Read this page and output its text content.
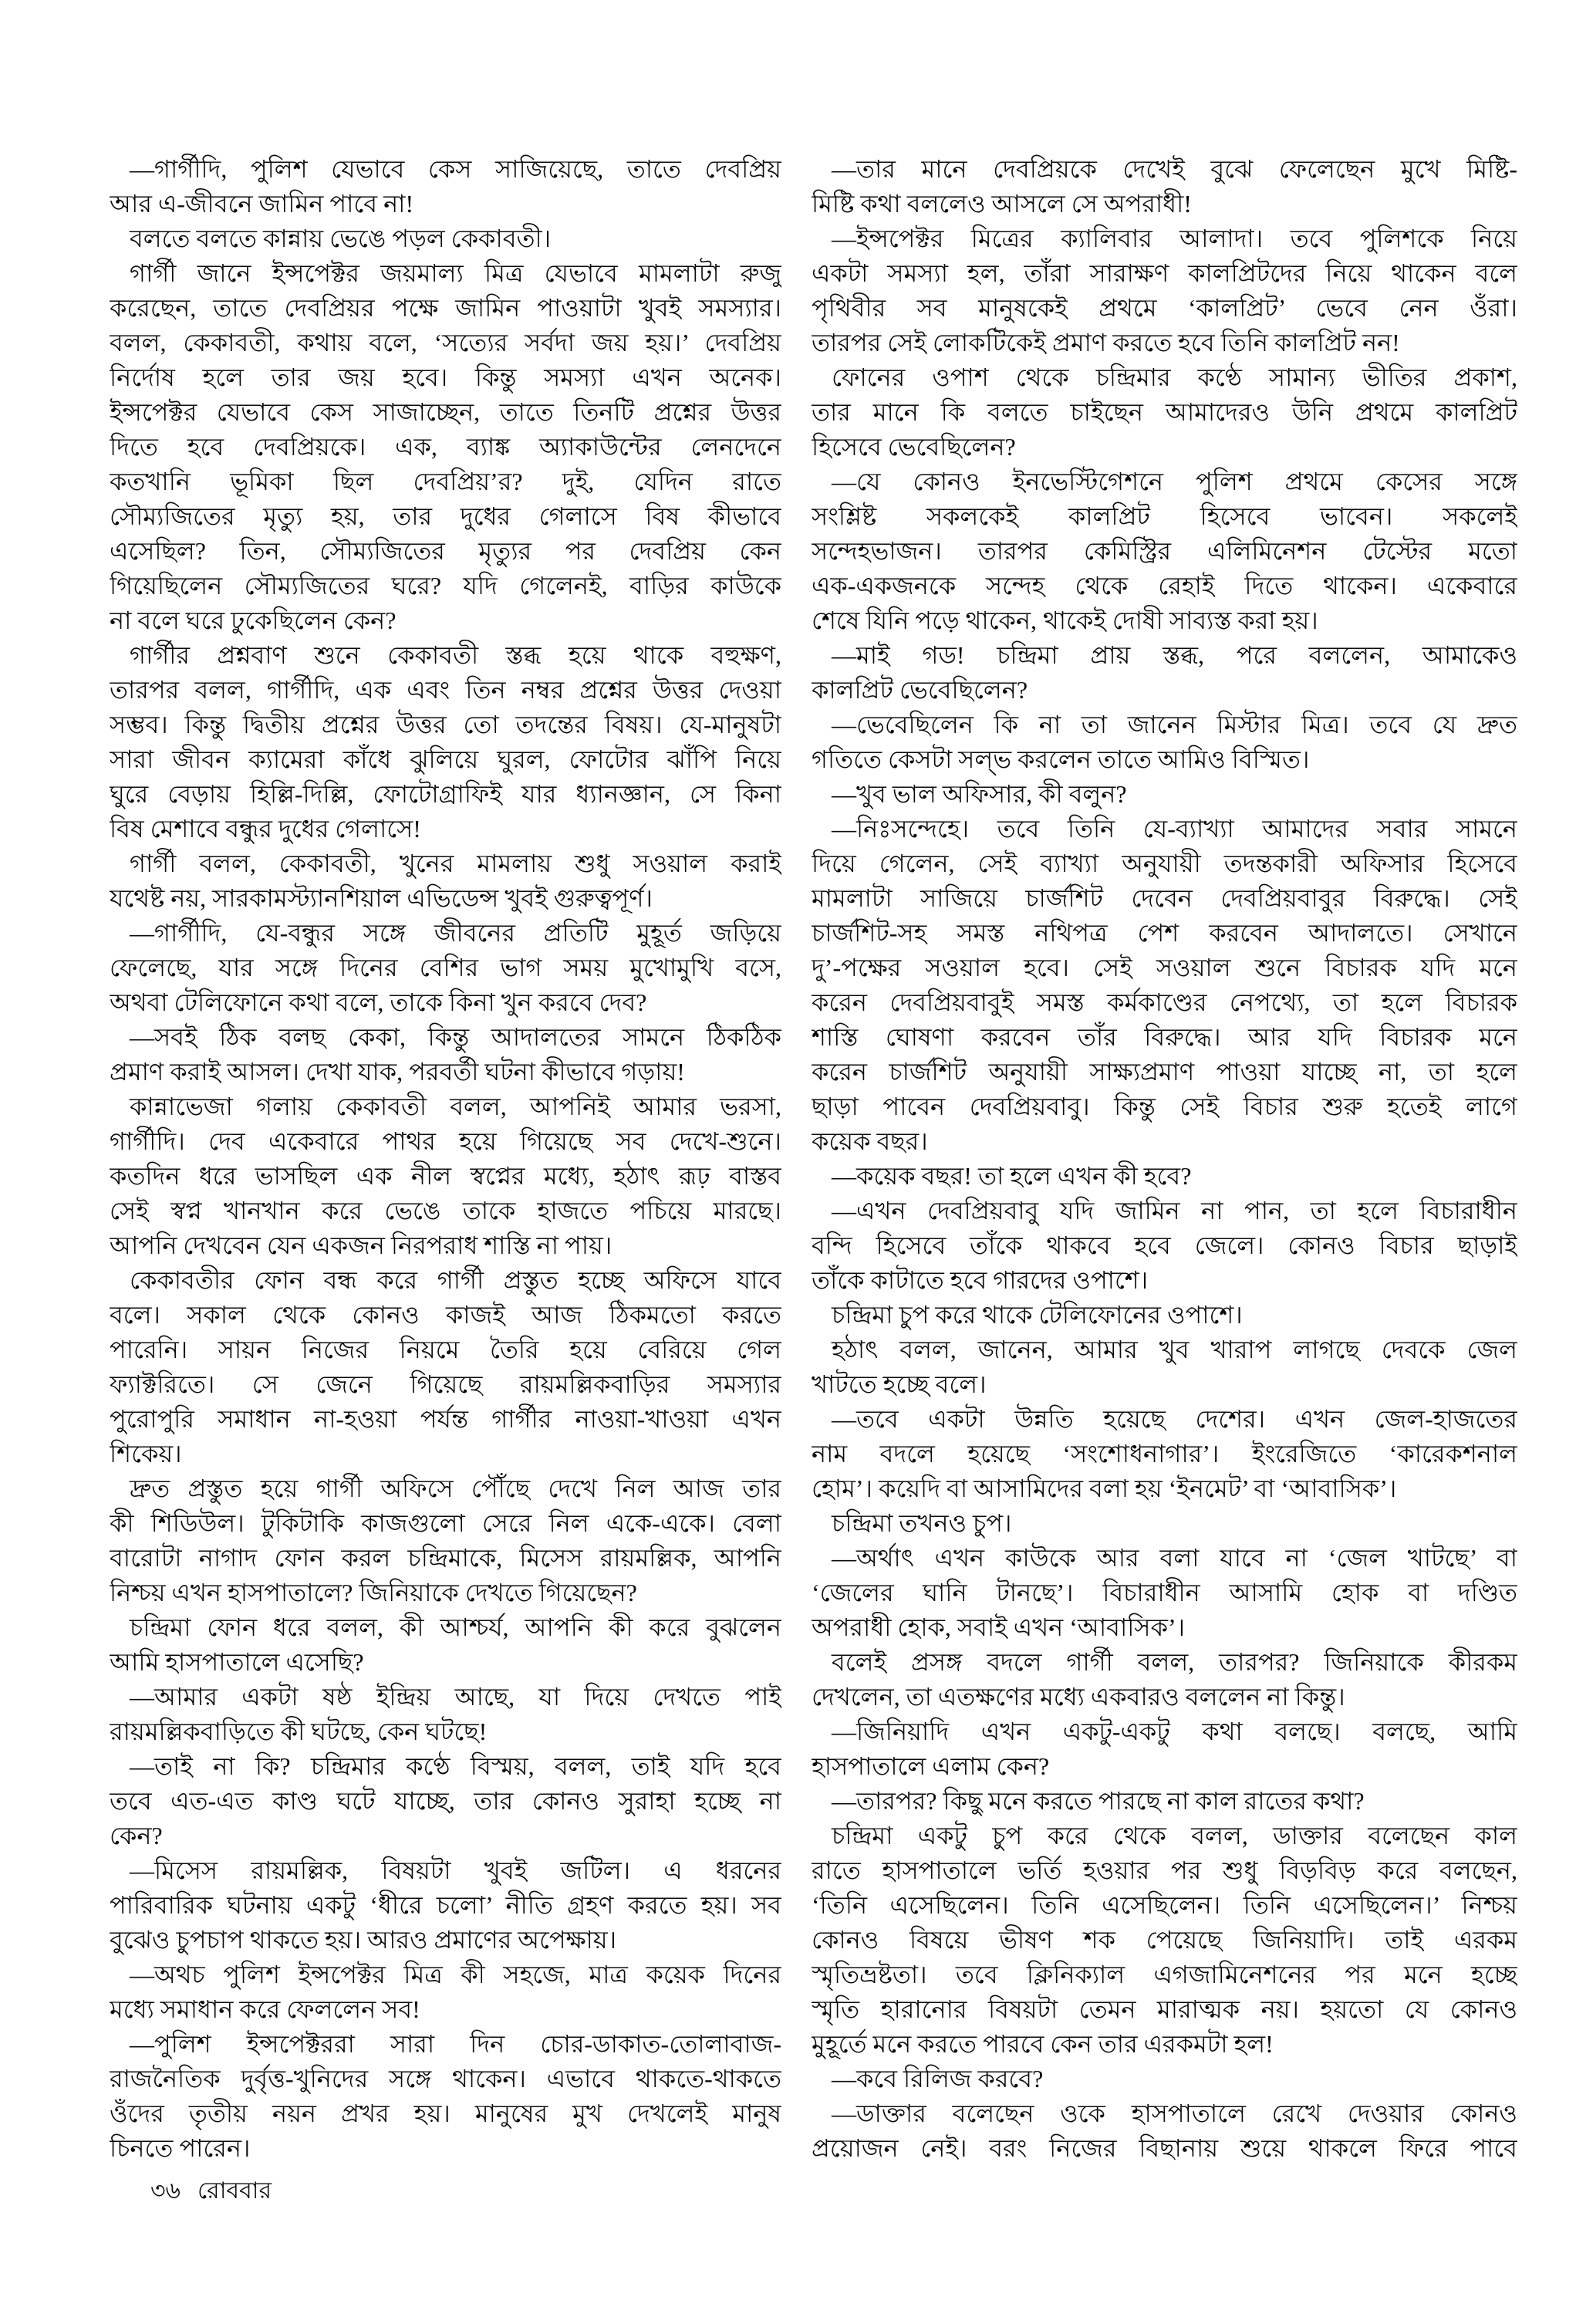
—গার্গীদি, পুলিশ যেভাবে কেস সাজিয়েছে, তাতে দেবপ্রিয়
আর এ-জীবনে জামিন পাবে না!
বলতে বলতে কান্নায় ভেঙে পড়ল কেকাবতী।
গার্গী জানে ইন্সপেক্টর জয়মাল্য মিত্র যেভাবে মামলাটা রুজু
করেছেন, তাতে দেবপ্রিয়র পক্ষে জামিন পাওয়াটা খুবই সমস্যার।
বলল, কেকাবতী, কথায় বলে, ‘সত্যের সর্বদা জয় হয়।’ দেবপ্রিয়
নির্দোষ হলে তার জয় হবে। কিন্তু সমস্যা এখন অনেক।
ইন্সপেক্টর যেভাবে কেস সাজাচ্ছেন, তাতে তিনটি প্রশ্নের উত্তর
দিতে হবে দেবপ্রিয়কে। এক, ব্যাঙ্ক অ্যাকাউন্টের লেনদেনে
কতখানি ভূমিকা ছিল দেবপ্রিয়’র? দুই, যেদিন রাতে
সৌম্যজিতের মৃত্যু হয়, তার দুধের গেলাসে বিষ কীভাবে
এসেছিল? তিন, সৌম্যজিতের মৃত্যুর পর দেবপ্রিয় কেন
গিয়েছিলেন সৌম্যজিতের ঘরে? যদি গেলেনই, বাড়ির কাউকে
না বলে ঘরে ঢুকেছিলেন কেন?
গার্গীর প্রশ্নবাণ শুনে কেকাবতী স্তব্ধ হয়ে থাকে বহুক্ষণ,
তারপর বলল, গার্গীদি, এক এবং তিন নম্বর প্রশ্নের উত্তর দেওয়া
সম্ভব। কিন্তু দ্বিতীয় প্রশ্নের উত্তর তো তদন্তের বিষয়। যে-মানুষটা
সারা জীবন ক্যামেরা কাঁধে ঝুলিয়ে ঘুরল, ফোটোর ঝাঁপি নিয়ে
ঘুরে বেড়ায় হিল্লি-দিল্লি, ফোটোগ্রাফিই যার ধ্যানজ্ঞান, সে কিনা
বিষ মেশাবে বন্ধুর দুধের গেলাসে!
গার্গী বলল, কেকাবতী, খুনের মামলায় শুধু সওয়াল করাই
যথেষ্ট নয়, সারকামস্ট্যানশিয়াল এভিডেন্স খুবই গুরুত্বপূর্ণ।
—গার্গীদি, যে-বন্ধুর সঙ্গে জীবনের প্রতিটি মুহূর্ত জড়িয়ে
ফেলেছে, যার সঙ্গে দিনের বেশির ভাগ সময় মুখোমুখি বসে,
অথবা টেলিফোনে কথা বলে, তাকে কিনা খুন করবে দেব?
—সবই ঠিক বলছ কেকা, কিন্তু আদালতের সামনে ঠিকঠিক
প্রমাণ করাই আসল। দেখা যাক, পরবর্তী ঘটনা কীভাবে গড়ায়!
কান্নাভেজা গলায় কেকাবতী বলল, আপনিই আমার ভরসা,
গার্গীদি। দেব একেবারে পাথর হয়ে গিয়েছে সব দেখে-শুনে।
কতদিন ধরে ভাসছিল এক নীল স্বপ্নের মধ্যে, হঠাৎ রূঢ় বাস্তব
সেই স্বপ্ন খানখান করে ভেঙে তাকে হাজতে পচিয়ে মারছে।
আপনি দেখবেন যেন একজন নিরপরাধ শাস্তি না পায়।
কেকাবতীর ফোন বন্ধ করে গার্গী প্রস্তুত হচ্ছে অফিসে যাবে
বলে। সকাল থেকে কোনও কাজই আজ ঠিকমতো করতে
পারেনি। সায়ন নিজের নিয়মে তৈরি হয়ে বেরিয়ে গেল
ফ্যাক্টরিতে। সে জেনে গিয়েছে রায়মল্লিকবাড়ির সমস্যার
পুরোপুরি সমাধান না-হওয়া পর্যন্ত গার্গীর নাওয়া-খাওয়া এখন
শিকেয়।
দ্রুত প্রস্তুত হয়ে গার্গী অফিসে পৌঁছে দেখে নিল আজ তার
কী শিডিউল। টুকিটাকি কাজগুলো সেরে নিল একে-একে। বেলা
বারোটা নাগাদ ফোন করল চন্দ্রিমাকে, মিসেস রায়মল্লিক, আপনি
নিশ্চয় এখন হাসপাতালে? জিনিয়াকে দেখতে গিয়েছেন?
চন্দ্রিমা ফোন ধরে বলল, কী আশ্চর্য, আপনি কী করে বুঝলেন
আমি হাসপাতালে এসেছি?
—আমার একটা ষষ্ঠ ইন্দ্রিয় আছে, যা দিয়ে দেখতে পাই
রায়মল্লিকবাড়িতে কী ঘটছে, কেন ঘটছে!
—তাই না কি? চন্দ্রিমার কণ্ঠে বিস্ময়, বলল, তাই যদি হবে
তবে এত-এত কাণ্ড ঘটে যাচ্ছে, তার কোনও সুরাহা হচ্ছে না
কেন?
—মিসেস রায়মল্লিক, বিষয়টা খুবই জটিল। এ ধরনের
পারিবারিক ঘটনায় একটু ‘ধীরে চলো’ নীতি গ্রহণ করতে হয়। সব
বুঝেও চুপচাপ থাকতে হয়। আরও প্রমাণের অপেক্ষায়।
—অথচ পুলিশ ইন্সপেক্টর মিত্র কী সহজে, মাত্র কয়েক দিনের
মধ্যে সমাধান করে ফেললেন সব!
—পুলিশ ইন্সপেক্টররা সারা দিন চোর-ডাকাত-তোলাবাজ-
রাজনৈতিক দুর্বৃত্ত-খুনিদের সঙ্গে থাকেন। এভাবে থাকতে-থাকতে
ওঁদের তৃতীয় নয়ন প্রখর হয়। মানুষের মুখ দেখলেই মানুষ
চিনতে পারেন।
—তার মানে দেবপ্রিয়কে দেখেই বুঝে ফেলেছেন মুখে মিষ্টি-
মিষ্টি কথা বললেও আসলে সে অপরাধী!
—ইন্সপেক্টর মিত্রের ক্যালিবার আলাদা। তবে পুলিশকে নিয়ে
একটা সমস্যা হল, তাঁরা সারাক্ষণ কালপ্রিটদের নিয়ে থাকেন বলে
পৃথিবীর সব মানুষকেই প্রথমে ‘কালপ্রিট’ ভেবে নেন ওঁরা।
তারপর সেই লোকটিকেই প্রমাণ করতে হবে তিনি কালপ্রিট নন!
ফোনের ওপাশ থেকে চন্দ্রিমার কণ্ঠে সামান্য ভীতির প্রকাশ,
তার মানে কি বলতে চাইছেন আমাদেরও উনি প্রথমে কালপ্রিট
হিসেবে ভেবেছিলেন?
—যে কোনও ইনভেস্টিগেশনে পুলিশ প্রথমে কেসের সঙ্গে
সংশ্লিষ্ট সকলকেই কালপ্রিট হিসেবে ভাবেন। সকলেই
সন্দেহভাজন। তারপর কেমিস্ট্রির এলিমিনেশন টেস্টের মতো
এক-একজনকে সন্দেহ থেকে রেহাই দিতে থাকেন। একেবারে
শেষে যিনি পড়ে থাকেন, থাকেই দোষী সাব্যস্ত করা হয়।
—মাই গড! চন্দ্রিমা প্রায় স্তব্ধ, পরে বললেন, আমাকেও
কালপ্রিট ভেবেছিলেন?
—ভেবেছিলেন কি না তা জানেন মিস্টার মিত্র। তবে যে দ্রুত
গতিতে কেসটা সল্‌ভ করলেন তাতে আমিও বিস্মিত।
—খুব ভাল অফিসার, কী বলুন?
—নিঃসন্দেহে। তবে তিনি যে-ব্যাখ্যা আমাদের সবার সামনে
দিয়ে গেলেন, সেই ব্যাখ্যা অনুযায়ী তদন্তকারী অফিসার হিসেবে
মামলাটা সাজিয়ে চার্জশিট দেবেন দেবপ্রিয়বাবুর বিরুদ্ধে। সেই
চার্জশিট-সহ সমস্ত নথিপত্র পেশ করবেন আদালতে। সেখানে
দু’-পক্ষের সওয়াল হবে। সেই সওয়াল শুনে বিচারক যদি মনে
করেন দেবপ্রিয়বাবুই সমস্ত কর্মকাণ্ডের নেপথ্যে, তা হলে বিচারক
শাস্তি ঘোষণা করবেন তাঁর বিরুদ্ধে। আর যদি বিচারক মনে
করেন চার্জশিট অনুযায়ী সাক্ষ্যপ্রমাণ পাওয়া যাচ্ছে না, তা হলে
ছাড়া পাবেন দেবপ্রিয়বাবু। কিন্তু সেই বিচার শুরু হতেই লাগে
কয়েক বছর।
—কয়েক বছর! তা হলে এখন কী হবে?
—এখন দেবপ্রিয়বাবু যদি জামিন না পান, তা হলে বিচারাধীন
বন্দি হিসেবে তাঁকে থাকবে হবে জেলে। কোনও বিচার ছাড়াই
তাঁকে কাটাতে হবে গারদের ওপাশে।
চন্দ্রিমা চুপ করে থাকে টেলিফোনের ওপাশে।
হঠাৎ বলল, জানেন, আমার খুব খারাপ লাগছে দেবকে জেল
খাটতে হচ্ছে বলে।
—তবে একটা উন্নতি হয়েছে দেশের। এখন জেল-হাজতের
নাম বদলে হয়েছে ‘সংশোধনাগার’। ইংরেজিতে ‘কারেকশনাল
হোম’। কয়েদি বা আসামিদের বলা হয় ‘ইনমেট’ বা ‘আবাসিক’।
চন্দ্রিমা তখনও চুপ।
—অর্থাৎ এখন কাউকে আর বলা যাবে না ‘জেল খাটছে’ বা
‘জেলের ঘানি টানছে’। বিচারাধীন আসামি হোক বা দণ্ডিত
অপরাধী হোক, সবাই এখন ‘আবাসিক’।
বলেই প্রসঙ্গ বদলে গার্গী বলল, তারপর? জিনিয়াকে কীরকম
দেখলেন, তা এতক্ষণের মধ্যে একবারও বললেন না কিন্তু।
—জিনিয়াদি এখন একটু-একটু কথা বলছে। বলছে, আমি
হাসপাতালে এলাম কেন?
—তারপর? কিছু মনে করতে পারছে না কাল রাতের কথা?
চন্দ্রিমা একটু চুপ করে থেকে বলল, ডাক্তার বলেছেন কাল
রাতে হাসপাতালে ভর্তি হওয়ার পর শুধু বিড়বিড় করে বলছেন,
‘তিনি এসেছিলেন। তিনি এসেছিলেন। তিনি এসেছিলেন।’ নিশ্চয়
কোনও বিষয়ে ভীষণ শক পেয়েছে জিনিয়াদি। তাই এরকম
স্মৃতিভ্রষ্টতা। তবে ক্লিনিক্যাল এগজামিনেশনের পর মনে হচ্ছে
স্মৃতি হারানোর বিষয়টা তেমন মারাত্মক নয়। হয়তো যে কোনও
মুহূর্তে মনে করতে পারবে কেন তার এরকমটা হল!
—কবে রিলিজ করবে?
—ডাক্তার বলেছেন ওকে হাসপাতালে রেখে দেওয়ার কোনও
প্রয়োজন নেই। বরং নিজের বিছানায় শুয়ে থাকলে ফিরে পাবে
৩৬ রোববার
